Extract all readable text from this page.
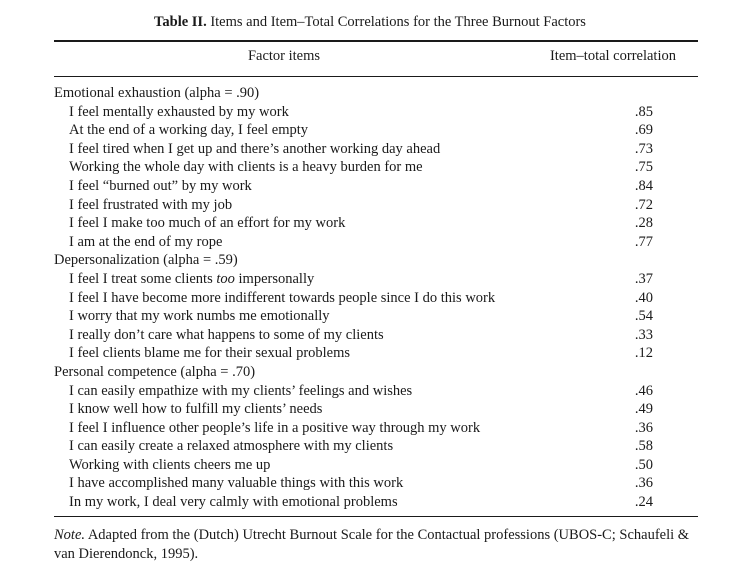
Table II. Items and Item–Total Correlations for the Three Burnout Factors
Factor items	Item–total correlation
Emotional exhaustion (alpha = .90)
I feel mentally exhausted by my work	.85
At the end of a working day, I feel empty	.69
I feel tired when I get up and there’s another working day ahead	.73
Working the whole day with clients is a heavy burden for me	.75
I feel “burned out” by my work	.84
I feel frustrated with my job	.72
I feel I make too much of an effort for my work	.28
I am at the end of my rope	.77
Depersonalization (alpha = .59)
I feel I treat some clients too impersonally	.37
I feel I have become more indifferent towards people since I do this work	.40
I worry that my work numbs me emotionally	.54
I really don’t care what happens to some of my clients	.33
I feel clients blame me for their sexual problems	.12
Personal competence (alpha = .70)
I can easily empathize with my clients’ feelings and wishes	.46
I know well how to fulfill my clients’ needs	.49
I feel I influence other people’s life in a positive way through my work	.36
I can easily create a relaxed atmosphere with my clients	.58
Working with clients cheers me up	.50
I have accomplished many valuable things with this work	.36
In my work, I deal very calmly with emotional problems	.24
Note. Adapted from the (Dutch) Utrecht Burnout Scale for the Contactual professions (UBOS-C; Schaufeli & van Dierendonck, 1995).
